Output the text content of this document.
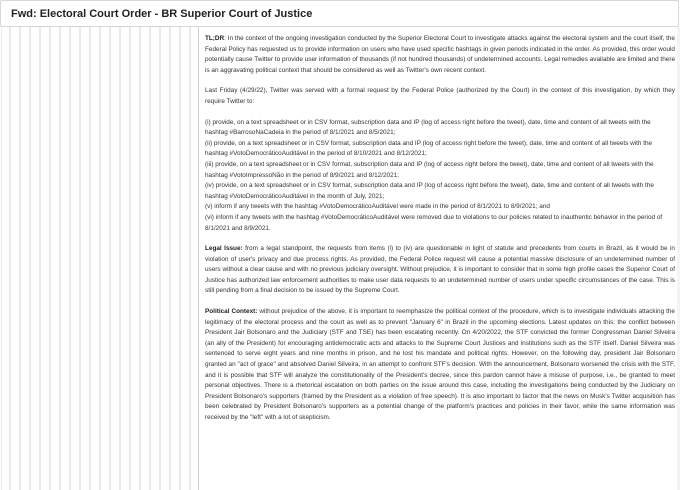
Fwd: Electoral Court Order - BR Superior Court of Justice

TL;DR: In the context of the ongoing investigation conducted by the Superior Electoral Court to investigate attacks against the electoral system and the court itself, the Federal Policy has requested us to provide information on users who have used specific hashtags in given periods indicated in the order. As provided, this order would potentially cause Twitter to provide user information of thousands (if not hundred thousands) of undetermined accounts. Legal remedies available are limited and there is an aggravating political context that should be considered as well as Twitter's own recent context.

Last Friday (4/29/22), Twitter was served with a formal request by the Federal Police (authorized by the Court) in the context of this investigation, by which they require Twitter to:

(i) provide, on a text spreadsheet or in CSV format, subscription data and IP (log of access right before the tweet), date, time and content of all tweets with the hashtag #BarrosoNaCadeia in the period of 8/1/2021 and 8/5/2021;
(ii) provide, on a text spreadsheet or in CSV format, subscription data and IP (log of access right before the tweet), date, time and content of all tweets with the hashtag #VotoDemocráticoAuditável in the period of 8/10/2021 and 8/12/2021;
(iii) provide, on a text spreadsheet or in CSV format, subscription data and IP (log of access right before the tweet), date, time and content of all tweets with the hashtag #VotoImpressoNão in the period of 8/9/2021 and 8/12/2021;
(iv) provide, on a text spreadsheet or in CSV format, subscription data and IP (log of access right before the tweet), date, time and content of all tweets with the hashtag #VotoDemocráticoAuditável in the month of July, 2021;
(v) inform if any tweets with the hashtag #VotoDemocráticoAuditável were made in the period of 8/1/2021 to 8/9/2021; and
(vi) inform if any tweets with the hashtag #VotoDemocráticoAuditável were removed due to violations to our policies related to inauthentic behavior in the period of 8/1/2021 and 8/9/2021.

Legal Issue: from a legal standpoint, the requests from items (i) to (iv) are questionable in light of statute and precedents from courts in Brazil, as it would be in violation of user's privacy and due process rights. As provided, the Federal Police request will cause a potential massive disclosure of an undetermined number of users without a clear cause and with no previous judiciary oversight. Without prejudice, it is important to consider that in some high profile cases the Superior Court of Justice has authorized law enforcement authorities to make user data requests to an undetermined number of users under specific circumstances of the case. This is still pending from a final decision to be issued by the Supreme Court.

Political Context: without prejudice of the above, it is important to reemphasize the political context of the procedure, which is to investigate individuals attacking the legitimacy of the electoral process and the court as well as to prevent "January 6" in Brazil in the upcoming elections. Latest updates on this: the conflict between President Jair Bolsonaro and the Judiciary (STF and TSE) has been escalating recently. On 4/20/2022, the STF convicted the former Congressman Daniel Silveira (an ally of the President) for encouraging antidemocratic acts and attacks to the Supreme Court Justices and institutions such as the STF itself. Daniel Silveira was sentenced to serve eight years and nine months in prison, and he lost his mandate and political rights. However, on the following day, president Jair Bolsonaro granted an "act of grace" and absolved Daniel Silveira, in an attempt to confront STF's decision. With the announcement, Bolsonaro worsened the crisis with the STF, and it is possible that STF will analyze the constitutionality of the President's decree, since this pardon cannot have a misuse of purpose, i.e., be granted to meet personal objectives. There is a rhetorical escalation on both parties on the issue around this case, including the investigations being conducted by the Judiciary on President Bolsonaro's supporters (framed by the President as a violation of free speech). It is also important to factor that the news on Musk's Twitter acquisition has been celebrated by President Bolsonaro's supporters as a potential change of the platform's practices and policies in their favor, while the same information was received by the "left" with a lot of skepticism.
